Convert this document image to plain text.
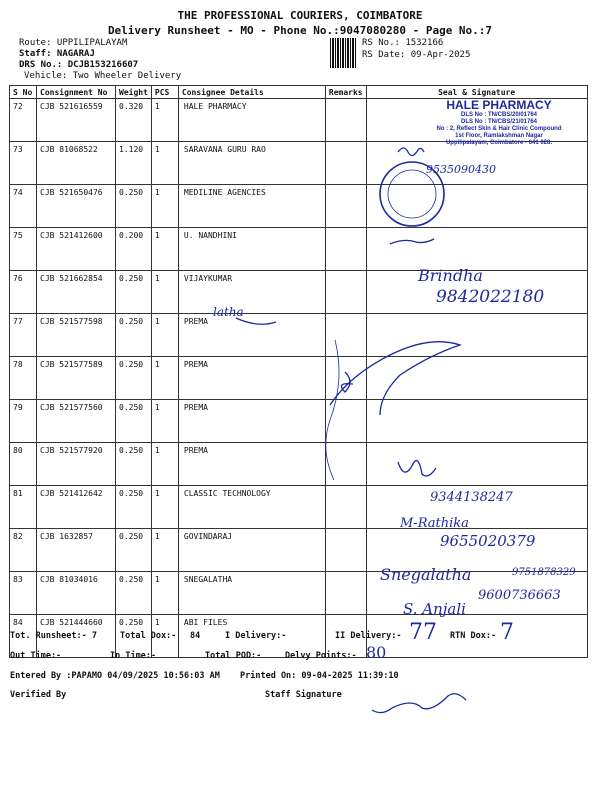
THE PROFESSIONAL COURIERS, COIMBATORE
Delivery Runsheet - MO - Phone No.:9047080280 - Page No.:7
Route: UPPILIPALAYAM
Staff: NAGARAJ
DRS No.: DCJB153216607
Vehicle: Two Wheeler Delivery
RS No.: 1532166
RS Date: 09-Apr-2025
S No	Consignment No	Weight	PCS	Consignee Details	Remarks	Seal & Signature
72	CJB 521616559	0.320	1	HALE PHARMACY		
73	CJB 81068522	1.120	1	SARAVANA GURU RAO		
74	CJB 521650476	0.250	1	MEDILINE AGENCIES		
75	CJB 521412600	0.200	1	U. NANDHINI		
76	CJB 521662854	0.250	1	VIJAYKUMAR		
77	CJB 521577598	0.250	1	PREMA		
78	CJB 521577589	0.250	1	PREMA		
79	CJB 521577560	0.250	1	PREMA		
80	CJB 521577920	0.250	1	PREMA		
81	CJB 521412642	0.250	1	CLASSIC TECHNOLOGY		
82	CJB 1632857	0.250	1	GOVINDARAJ		
83	CJB 81034016	0.250	1	SNEGALATHA		
84	CJB 521444660	0.250	1	ABI FILES		
HALE PHARMACY
DLS No : TN/CBS/20/01764
DLS No : TN/CBS/21/01764
No : 2, Reflect Skin & Hair Clinic Compound
1st Floor, Ramlakshman Nagar
Uppilipalayam, Coimbatore - 641 028.
9535090430
Brindha
9842022180
latha
9344138247
M-Rathika
9655020379
Snegalatha	9751878329
9600736663
S. Anjali
Tot. Runsheet:- 7	Total Dox:- 84	I Delivery:-	II Delivery:- 77 RTN Dox:- 7
Out Time:-	In Time:-	Total POD:-	Delvy Points:- 80
Entered By :PAPAMO 04/09/2025 10:56:03 AM Printed On: 09-04-2025 11:39:10
Verified By	Staff Signature
